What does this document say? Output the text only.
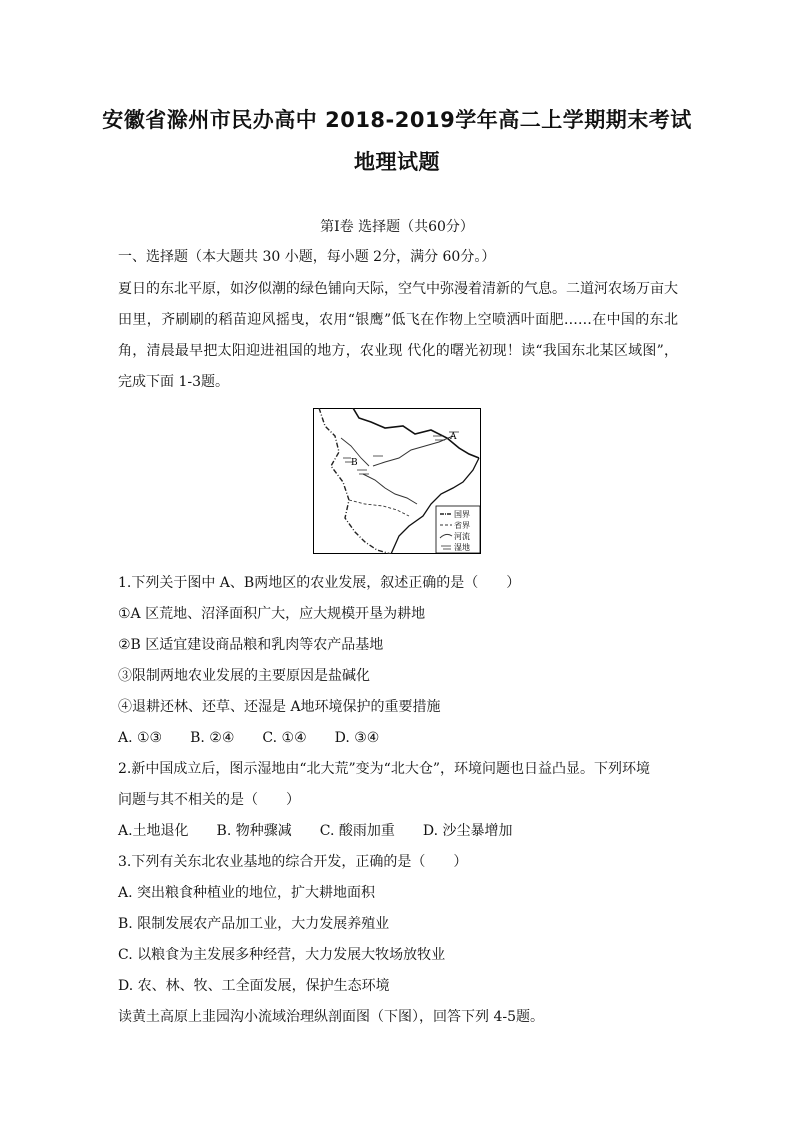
安徽省滁州市民办高中 2018-2019学年高二上学期期末考试
地理试题
第Ⅰ卷 选择题（共60分）
一、选择题（本大题共 30 小题，每小题 2分，满分 60分。）
夏日的东北平原，如汐似潮的绿色铺向天际，空气中弥漫着清新的气息。二道河农场万亩大田里，齐刷刷的稻苗迎风摇曳，农用“银鹰”低飞在作物上空喷洒叶面肥……在中国的东北角，清晨最早把太阳迎进祖国的地方，农业现 代化的曙光初现！读“我国东北某区域图”，完成下面 1-3题。
A
B
国界
省界
河流
湿地
1.下列关于图中 A、B两地区的农业发展，叙述正确的是（　　）
①A 区荒地、沼泽面积广大，应大规模开垦为耕地
②B 区适宜建设商品粮和乳肉等农产品基地
③限制两地农业发展的主要原因是盐碱化
④退耕还林、还草、还湿是 A地环境保护的重要措施
A. ①③　　B. ②④　　C. ①④　　D. ③④
2.新中国成立后，图示湿地由“北大荒”变为“北大仓”，环境问题也日益凸显。下列环境
问题与其不相关的是（　　）
A.土地退化　　B. 物种骤减　　C. 酸雨加重　　D. 沙尘暴增加
3.下列有关东北农业基地的综合开发，正确的是（　　）
A. 突出粮食种植业的地位，扩大耕地面积
B. 限制发展农产品加工业，大力发展养殖业
C. 以粮食为主发展多种经营，大力发展大牧场放牧业
D. 农、林、牧、工全面发展，保护生态环境
读黄土高原上韭园沟小流域治理纵剖面图（下图），回答下列 4-5题。
